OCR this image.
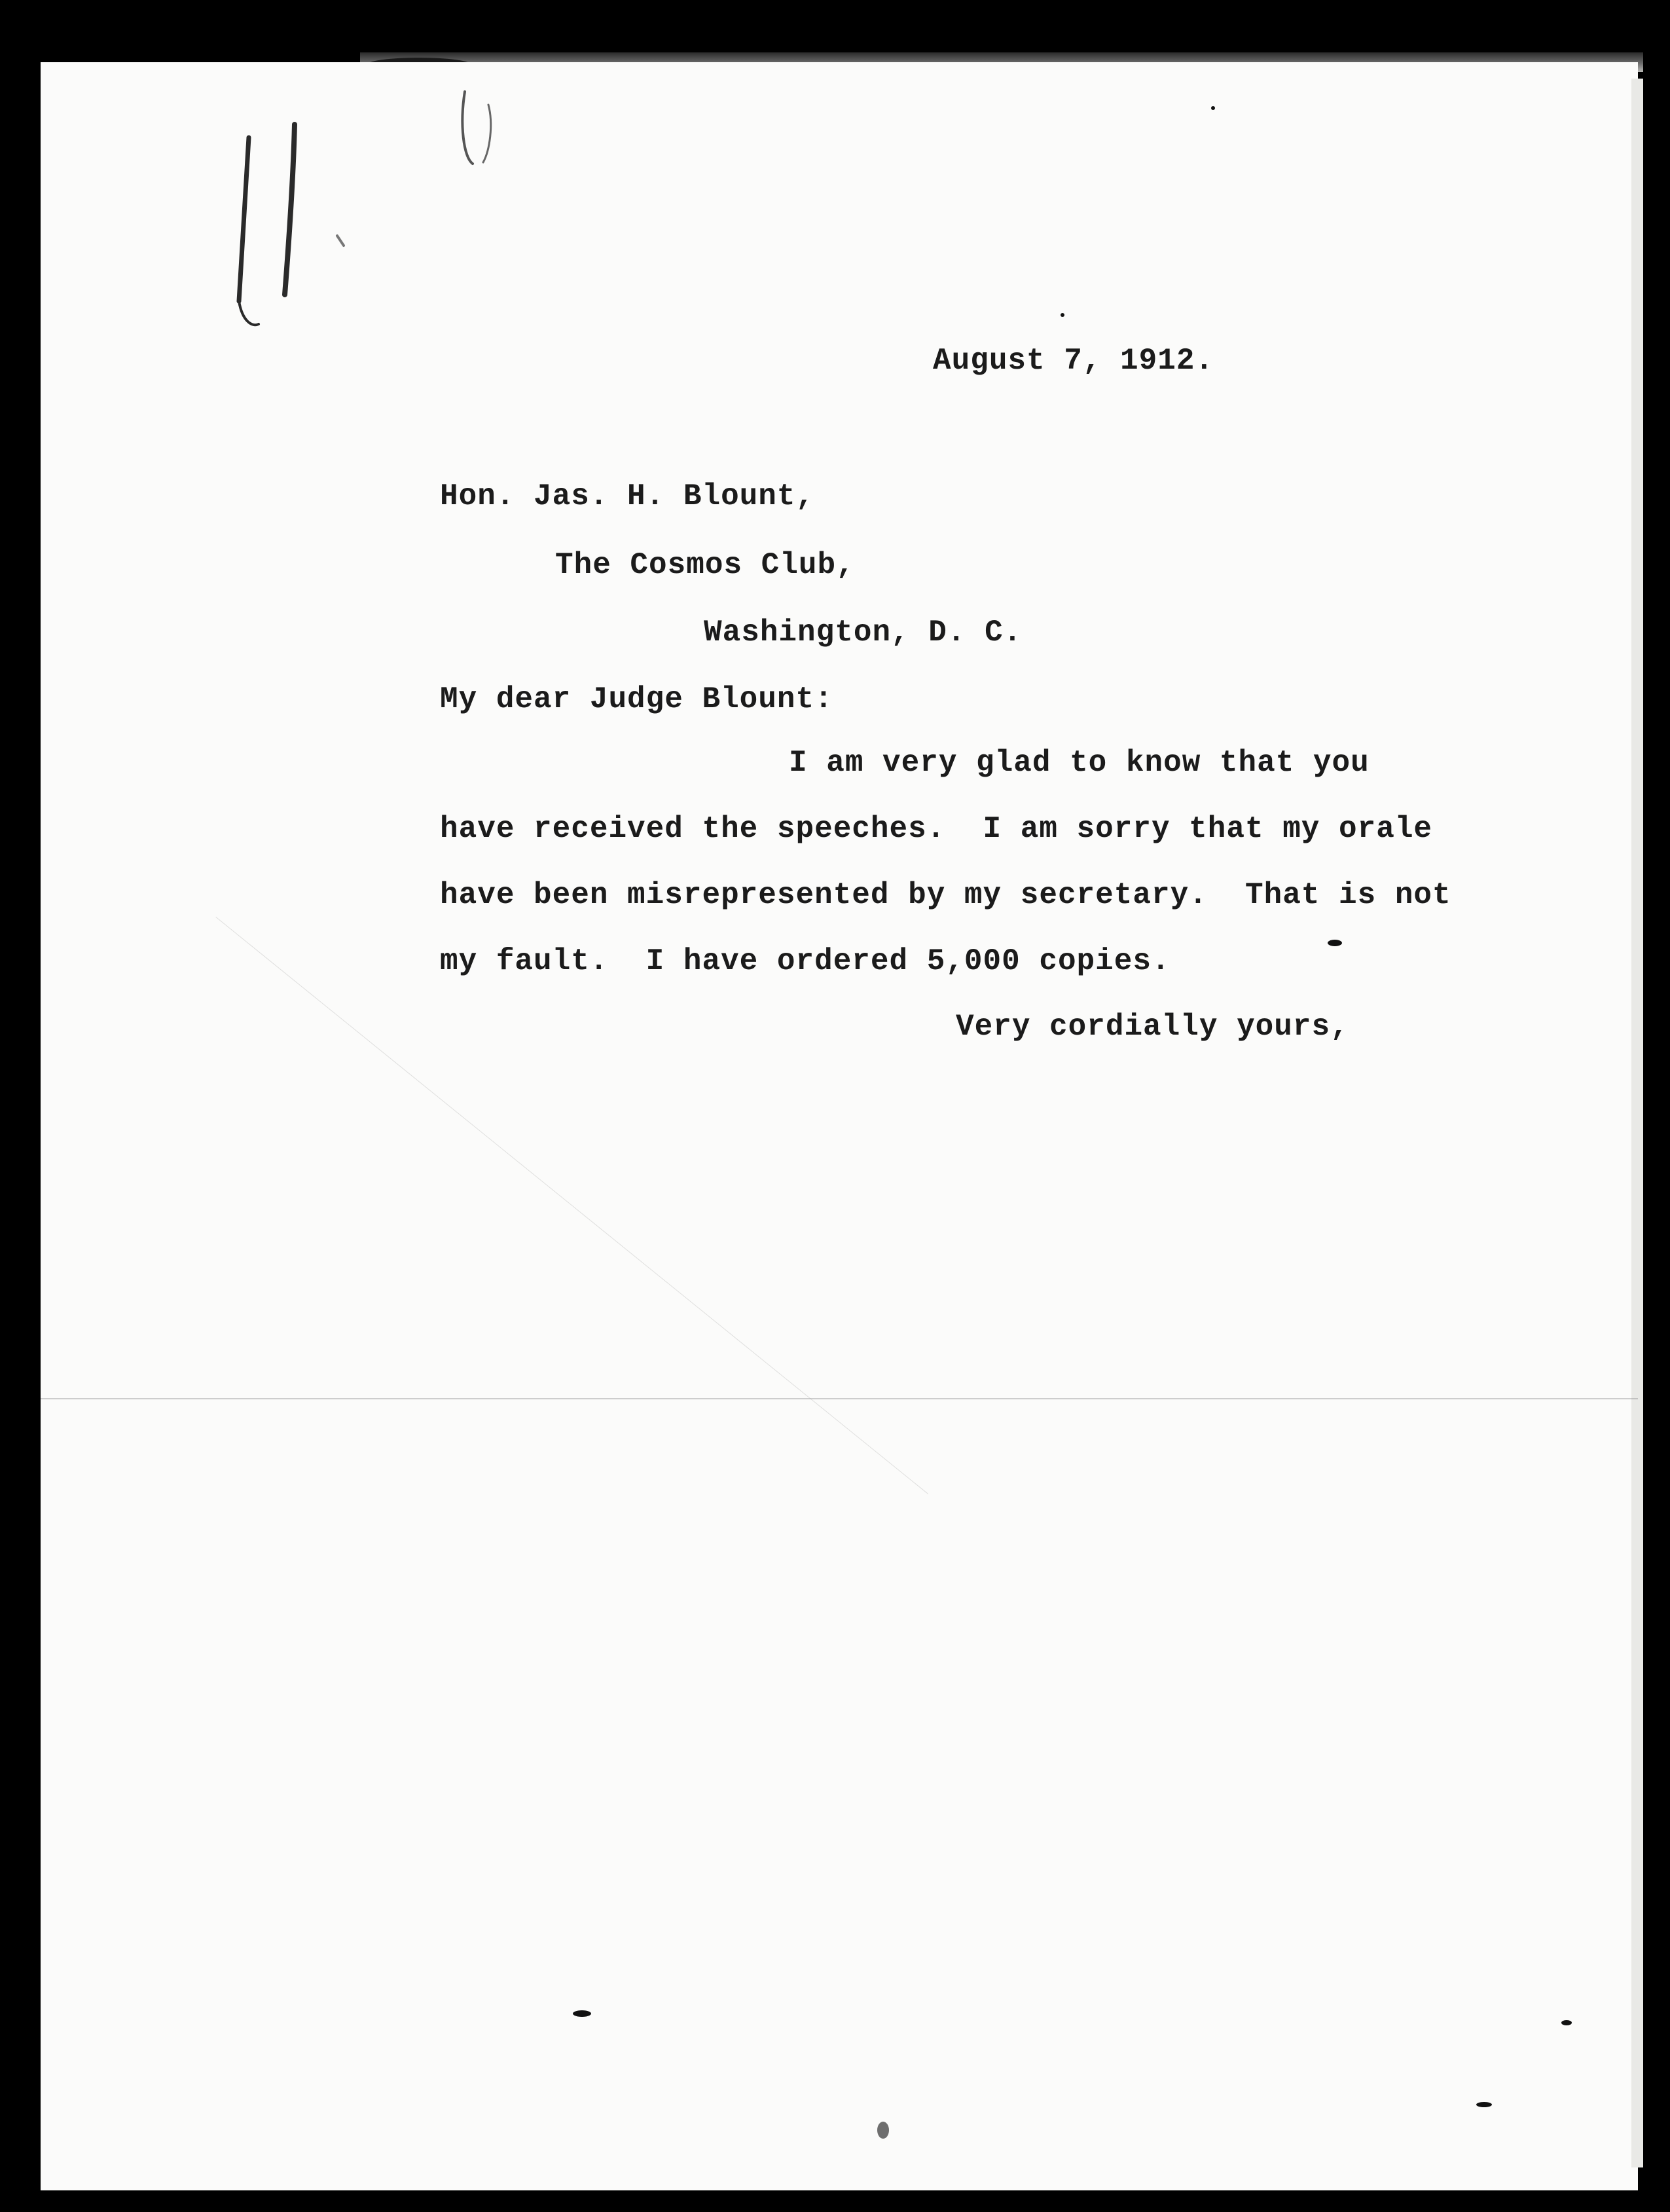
August 7, 1912.
Hon. Jas. H. Blount,
The Cosmos Club,
Washington, D. C.
My dear Judge Blount:
I am very glad to know that you
have received the speeches.  I am sorry that my orale
have been misrepresented by my secretary.  That is not
my fault.  I have ordered 5,000 copies.
Very cordially yours,
